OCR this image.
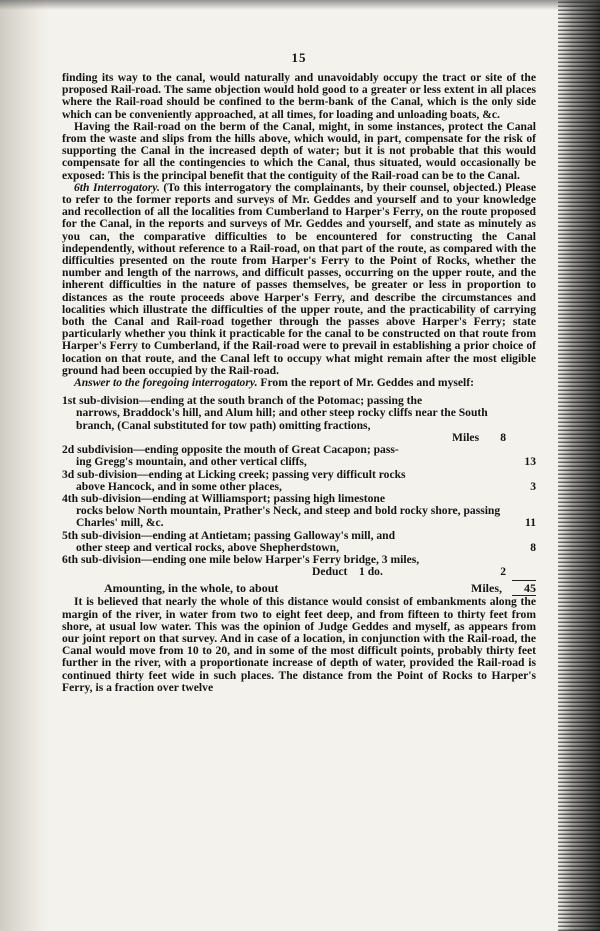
15

finding its way to the canal, would naturally and unavoidably occupy the tract or site of the proposed Rail-road. The same objection would hold good to a greater or less extent in all places where the Rail-road should be confined to the berm-bank of the Canal, which is the only side which can be conveniently approached, at all times, for loading and unloading boats, &c.

Having the Rail-road on the berm of the Canal, might, in some instances, protect the Canal from the waste and slips from the hills above, which would, in part, compensate for the risk of supporting the Canal in the increased depth of water; but it is not probable that this would compensate for all the contingencies to which the Canal, thus situated, would occasionally be exposed: This is the principal benefit that the contiguity of the Rail-road can be to the Canal.

6th Interrogatory. (To this interrogatory the complainants, by their counsel, objected.) Please to refer to the former reports and surveys of Mr. Geddes and yourself and to your knowledge and recollection of all the localities from Cumberland to Harper's Ferry, on the route proposed for the Canal, in the reports and surveys of Mr. Geddes and yourself, and state as minutely as you can, the comparative difficulties to be encountered for constructing the Canal independently, without reference to a Rail-road, on that part of the route, as compared with the difficulties presented on the route from Harper's Ferry to the Point of Rocks, whether the number and length of the narrows, and difficult passes, occurring on the upper route, and the inherent difficulties in the nature of passes themselves, be greater or less in proportion to distances as the route proceeds above Harper's Ferry, and describe the circumstances and localities which illustrate the difficulties of the upper route, and the practicability of carrying both the Canal and Rail-road together through the passes above Harper's Ferry; state particularly whether you think it practicable for the canal to be constructed on that route from Harper's Ferry to Cumberland, if the Rail-road were to prevail in establishing a prior choice of location on that route, and the Canal left to occupy what might remain after the most eligible ground had been occupied by the Rail-road.

Answer to the foregoing interrogatory. From the report of Mr. Geddes and myself:

1st sub-division—ending at the south branch of the Potomac; passing the
narrows, Braddock's hill, and Alum hill; and other steep rocky cliffs near the South branch, (Canal substituted for tow path) omitting fractions,
Miles 8
2d subdivision—ending opposite the mouth of Great Cacapon; pass-
ing Gregg's mountain, and other vertical cliffs,	13
3d sub-division—ending at Licking creek; passing very difficult rocks
above Hancock, and in some other places,	3
4th sub-division—ending at Williamsport; passing high limestone
rocks below North mountain, Prather's Neck, and steep and bold rocky shore, passing Charles' mill, &c.	11
5th sub-division—ending at Antietam; passing Galloway's mill, and
other steep and vertical rocks, above Shepherdstown,	8
6th sub-division—ending one mile below Harper's Ferry bridge, 3 miles,
Deduct 1 do.	2
Amounting, in the whole, to about	Miles,	45

It is believed that nearly the whole of this distance would consist of embankments along the margin of the river, in water from two to eight feet deep, and from fifteen to thirty feet from shore, at usual low water. This was the opinion of Judge Geddes and myself, as appears from our joint report on that survey. And in case of a location, in conjunction with the Rail-road, the Canal would move from 10 to 20, and in some of the most difficult points, probably thirty feet further in the river, with a proportionate increase of depth of water, provided the Rail-road is continued thirty feet wide in such places. The distance from the Point of Rocks to Harper's Ferry, is a fraction over twelve
